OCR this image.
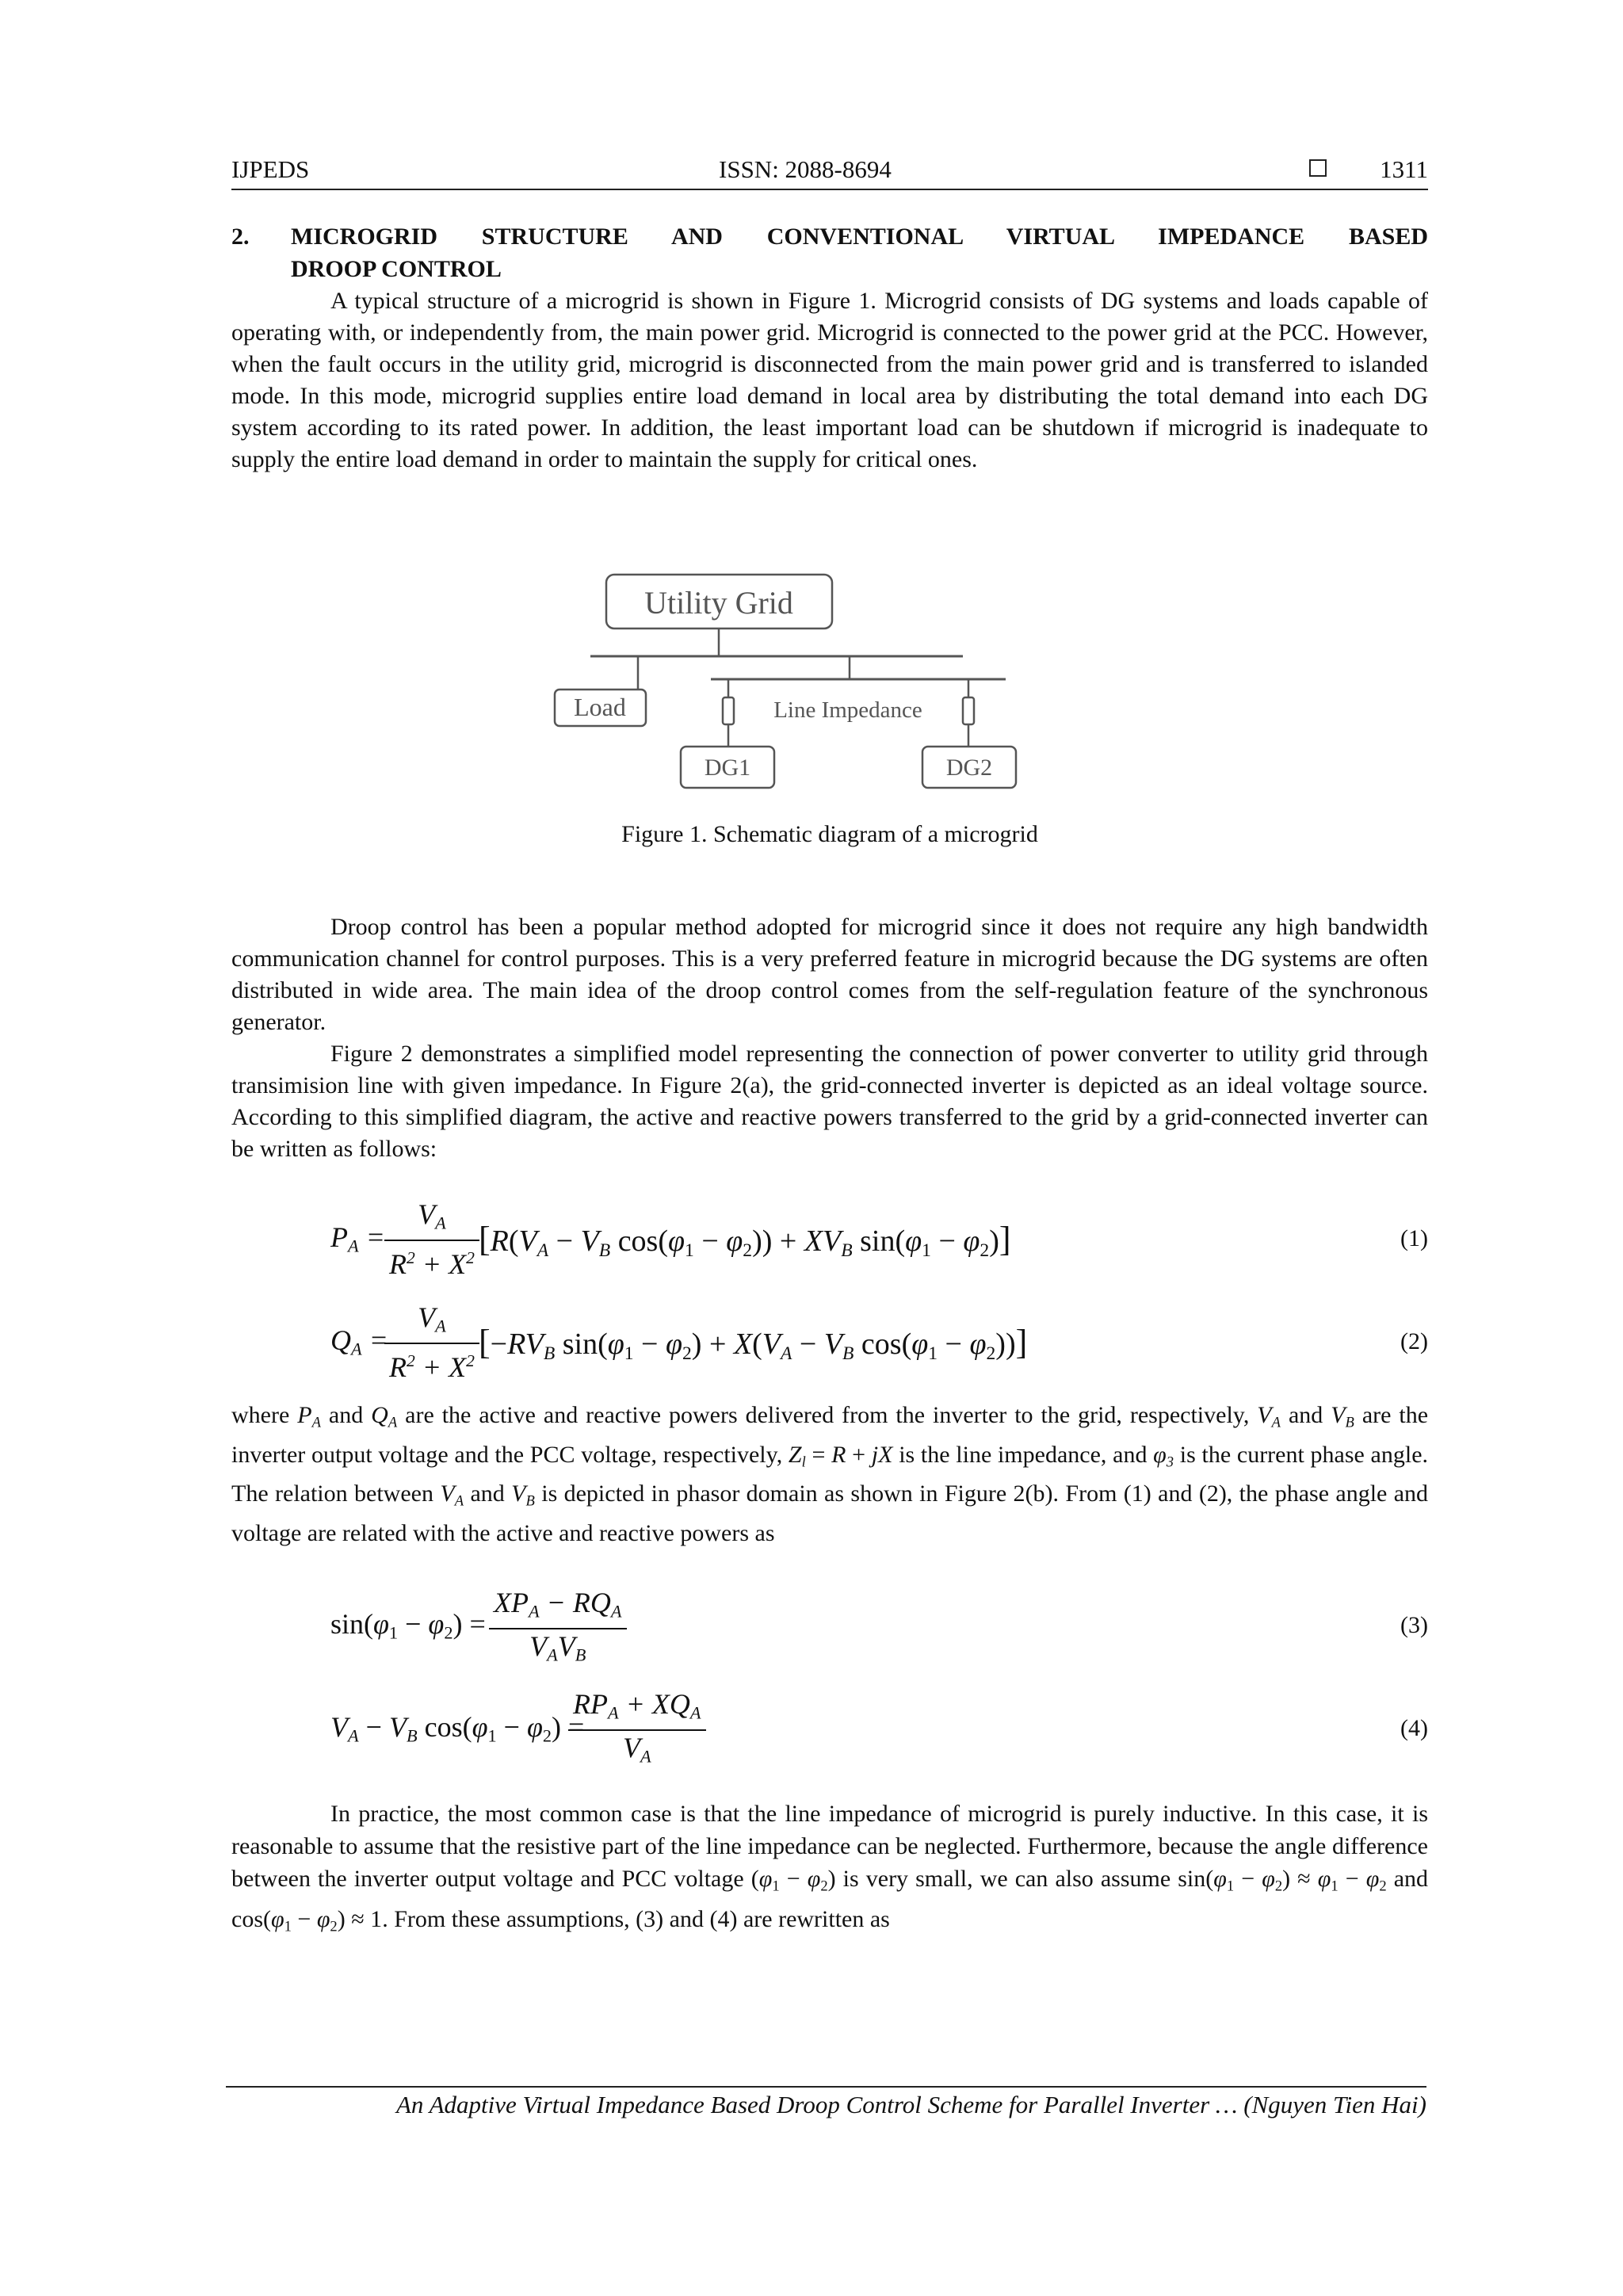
IJPEDS	ISSN: 2088-8694	1311
2. MICROGRID STRUCTURE AND CONVENTIONAL VIRTUAL IMPEDANCE BASED
DROOP CONTROL
A typical structure of a microgrid is shown in Figure 1. Microgrid consists of DG systems and loads capable of operating with, or independently from, the main power grid. Microgrid is connected to the power grid at the PCC. However, when the fault occurs in the utility grid, microgrid is disconnected from the main power grid and is transferred to islanded mode. In this mode, microgrid supplies entire load demand in local area by distributing the total demand into each DG system according to its rated power. In addition, the least important load can be shutdown if microgrid is inadequate to supply the entire load demand in order to maintain the supply for critical ones.
Utility Grid
Load	Line Impedance
DG1	DG2
Figure 1. Schematic diagram of a microgrid
Droop control has been a popular method adopted for microgrid since it does not require any high bandwidth communication channel for control purposes. This is a very preferred feature in microgrid because the DG systems are often distributed in wide area. The main idea of the droop control comes from the self-regulation feature of the synchronous generator.
Figure 2 demonstrates a simplified model representing the connection of power converter to utility grid through transimision line with given impedance. In Figure 2(a), the grid-connected inverter is depicted as an ideal voltage source. According to this simplified diagram, the active and reactive powers transferred to the grid by a grid-connected inverter can be written as follows:
$P_A = \frac{V_A}{R^2 + X^2} [R(V_A - V_B$ $\cos(\varphi_1 - \varphi_2)) + XV_B$ $\sin(\varphi_1 - \varphi_2)$]	(1)
$Q_A$ =
$\frac{V_A}{R^2 + X^2} [-RV_B$ $\sin(\varphi_1 - \varphi_2) + X(V_A - V_B$ $\cos(\varphi_1 - \varphi_2)$)]	(2)
where $P_A$ and $Q_A$ are the active and reactive powers delivered from the inverter to the grid, respectively, $V_A$ and $V_B$ are the inverter output voltage and the PCC voltage, respectively, $Z_l = R$ + jX is the line impedance, and $\varphi_3$ is the current phase angle. The relation between $V_A$ and $V_B$ is depicted in phasor domain as shown in Figure 2(b). From (1) and (2), the phase angle and voltage are related with the active and reactive powers as
$\sin(\varphi_1 - \varphi_2)$ =
$XP_A - RQ_A$
$V_AV_B$
(3)
$V_A - V_B$ $\cos(\varphi_1 - \varphi_2)$ =
$RP_A + XQ_A$
$V_A$
(4)
In practice, the most common case is that the line impedance of microgrid is purely inductive. In this case, it is reasonable to assume that the resistive part of the line impedance can be neglected. Furthermore, because the angle difference between the inverter output voltage and PCC voltage $(\varphi_1 - \varphi_2)$ is very small, we can also assume $\sin(\varphi_1 - \varphi_2) \approx \varphi_1 - \varphi_2$ and $\cos(\varphi_1 - \varphi_2) \approx 1$. From these assumptions, (3) and (4) are rewritten as
An Adaptive Virtual Impedance Based Droop Control Scheme for Parallel Inverter … (Nguyen Tien Hai)
